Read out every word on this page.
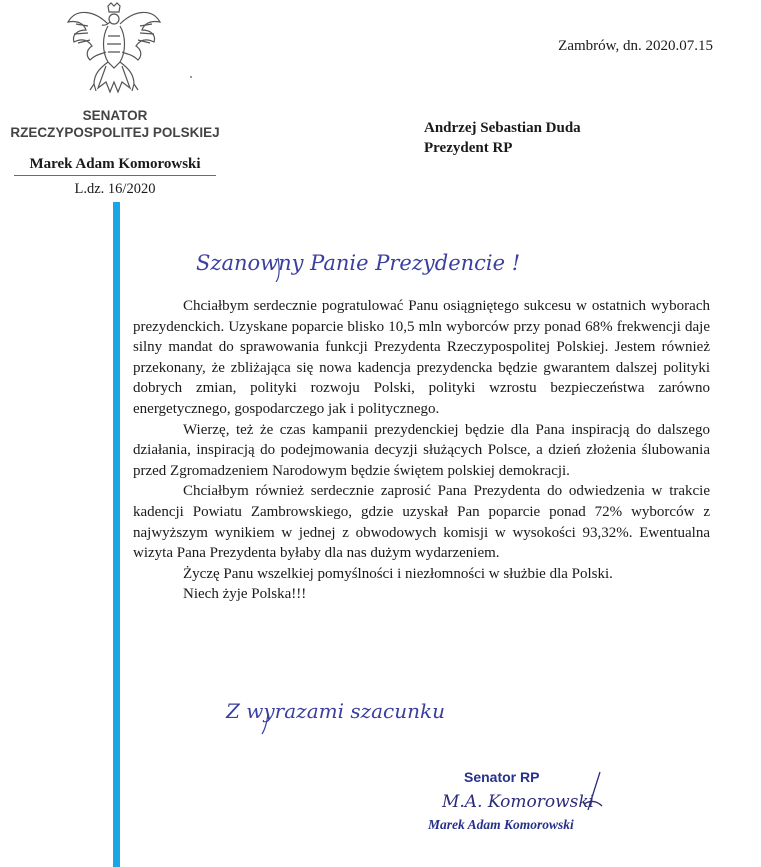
Zambrów, dn. 2020.07.15
SENATOR
RZECZYPOSPOLITEJ POLSKIEJ
Marek Adam Komorowski
L.dz. 16/2020
Andrzej Sebastian Duda
Prezydent RP
Szanowny Panie Prezydencie !

Chciałbym serdecznie pogratulować Panu osiągniętego sukcesu w ostatnich wyborach prezydenckich. Uzyskane poparcie blisko 10,5 mln wyborców przy ponad 68% frekwencji daje silny mandat do sprawowania funkcji Prezydenta Rzeczypospolitej Polskiej. Jestem również przekonany, że zbliżająca się nowa kadencja prezydencka będzie gwarantem dalszej polityki dobrych zmian, polityki rozwoju Polski, polityki wzrostu bezpieczeństwa zarówno energetycznego, gospodarczego jak i politycznego.

Wierzę, też że czas kampanii prezydenckiej będzie dla Pana inspiracją do dalszego działania, inspiracją do podejmowania decyzji służących Polsce, a dzień złożenia ślubowania przed Zgromadzeniem Narodowym będzie świętem polskiej demokracji.

Chciałbym również serdecznie zaprosić Pana Prezydenta do odwiedzenia w trakcie kadencji Powiatu Zambrowskiego, gdzie uzyskał Pan poparcie ponad 72% wyborców z najwyższym wynikiem w jednej z obwodowych komisji w wysokości 93,32%. Ewentualna wizyta Pana Prezydenta byłaby dla nas dużym wydarzeniem.

Życzę Panu wszelkiej pomyślności i niezłomności w służbie dla Polski.

Niech żyje Polska!!!

Z wyrazami szacunku
Senator RP
M.A. Komorowski
Marek Adam Komorowski
